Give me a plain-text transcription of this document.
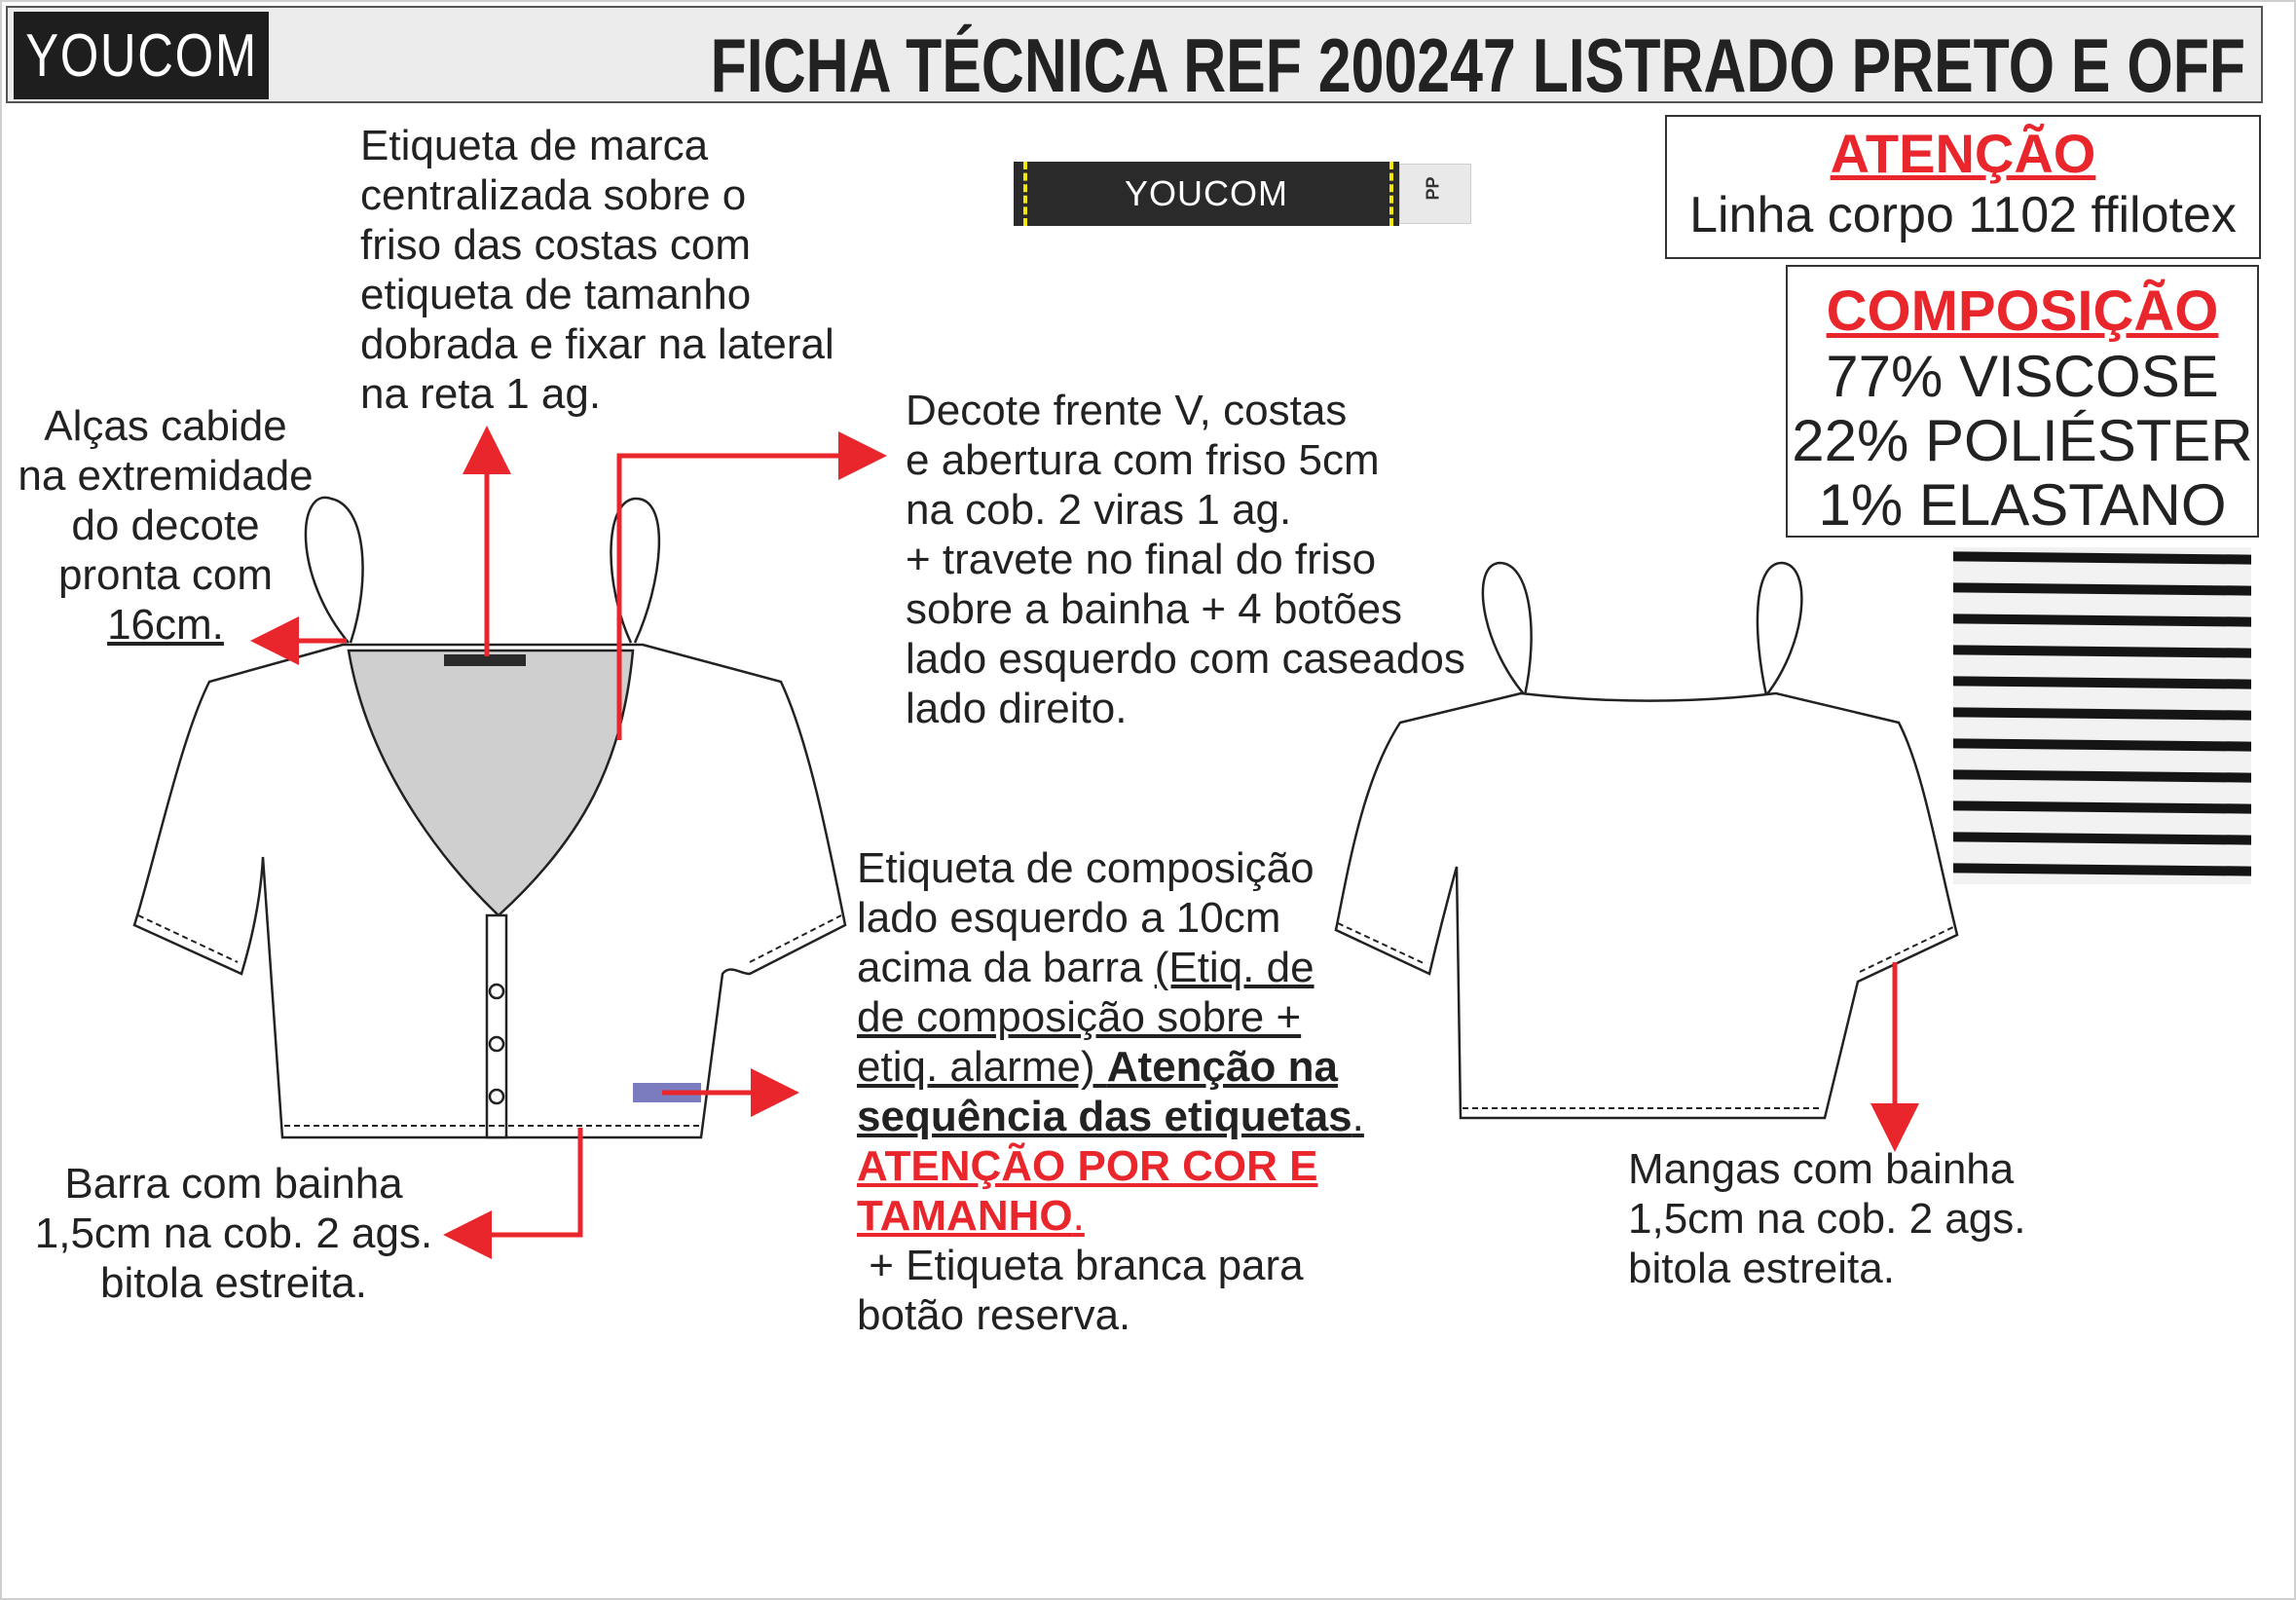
YOUCOM	FICHA TÉCNICA REF 200247 LISTRADO PRETO E OFF
YOUCOM	PP
ATENÇÃO
Linha corpo 1102 ffilotex
COMPOSIÇÃO
77% VISCOSE
22% POLIÉSTER
1% ELASTANO
Etiqueta de marca
centralizada sobre o
friso das costas com
etiqueta de tamanho
dobrada e fixar na lateral
na reta 1 ag.
Alças cabide
na extremidade
do decote
pronta com
16cm.
Decote frente V, costas
e abertura com friso 5cm
na cob. 2 viras 1 ag.
+ travete no final do friso
sobre a bainha + 4 botões
lado esquerdo com caseados
lado direito.
Etiqueta de composição
lado esquerdo a 10cm
acima da barra (Etiq. de
de composição sobre +
etiq. alarme) Atenção na
sequência das etiquetas.
ATENÇÃO POR COR E
TAMANHO.
+ Etiqueta branca para
botão reserva.
Barra com bainha
1,5cm na cob. 2 ags.
bitola estreita.
Mangas com bainha
1,5cm na cob. 2 ags.
bitola estreita.
